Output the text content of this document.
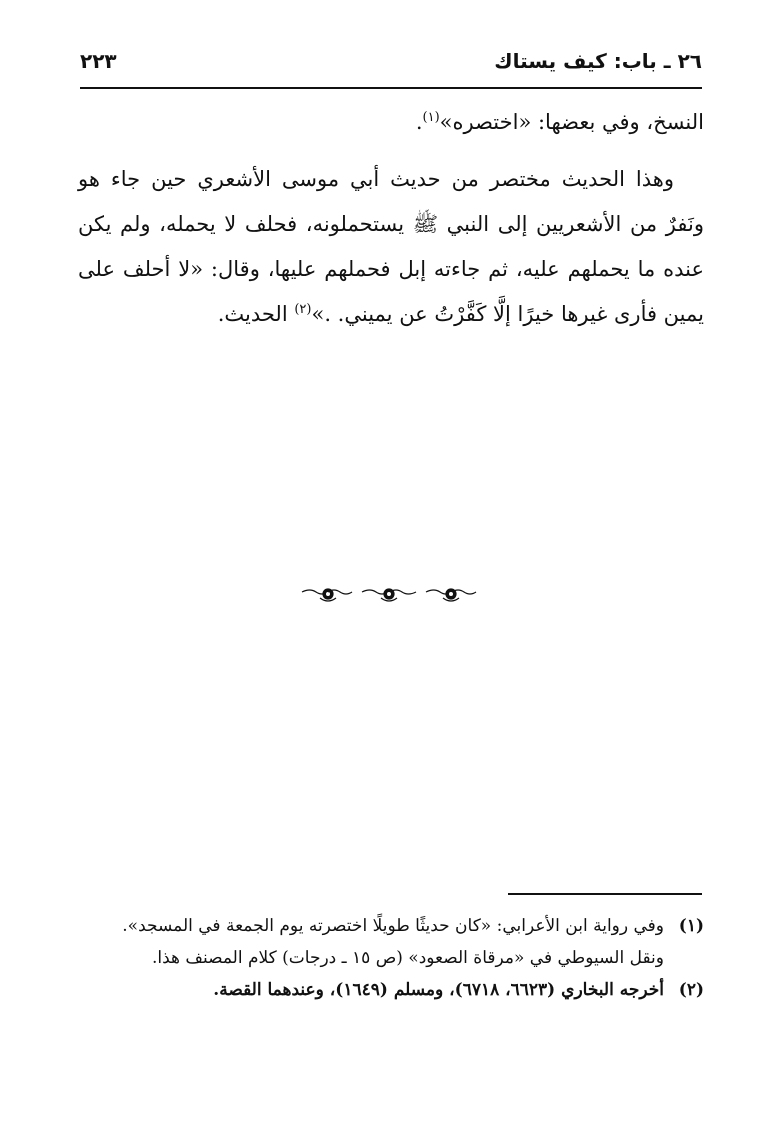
٢٦ ـ باب: كيف يستاك
٢٢٣

النسخ، وفي بعضها: «اختصره»$^{(١)}$.

وهذا الحديث مختصر من حديث أبي موسى الأشعري حين جاء هو ونَفرٌ من الأشعريين إلى النبي ﷺ يستحملونه، فحلف لا يحمله، ولم يكن عنده ما يحملهم عليه، ثم جاءته إبل فحملهم عليها، وقال: «لا أحلف على يمين فأرى غيرها خيرًا إلَّا كَفَّرْتُ عن يميني. .»$^{(٢)}$ الحديث.

(١)
وفي رواية ابن الأعرابي: «كان حديثًا طويلًا اختصرته يوم الجمعة في المسجد».

ونقل السيوطي في «مرقاة الصعود» (ص ١٥ ـ درجات) كلام المصنف هذا.

(٢)
أخرجه البخاري (٦٦٢٣، ٦٧١٨)، ومسلم (١٦٤٩)، وعندهما القصة.
